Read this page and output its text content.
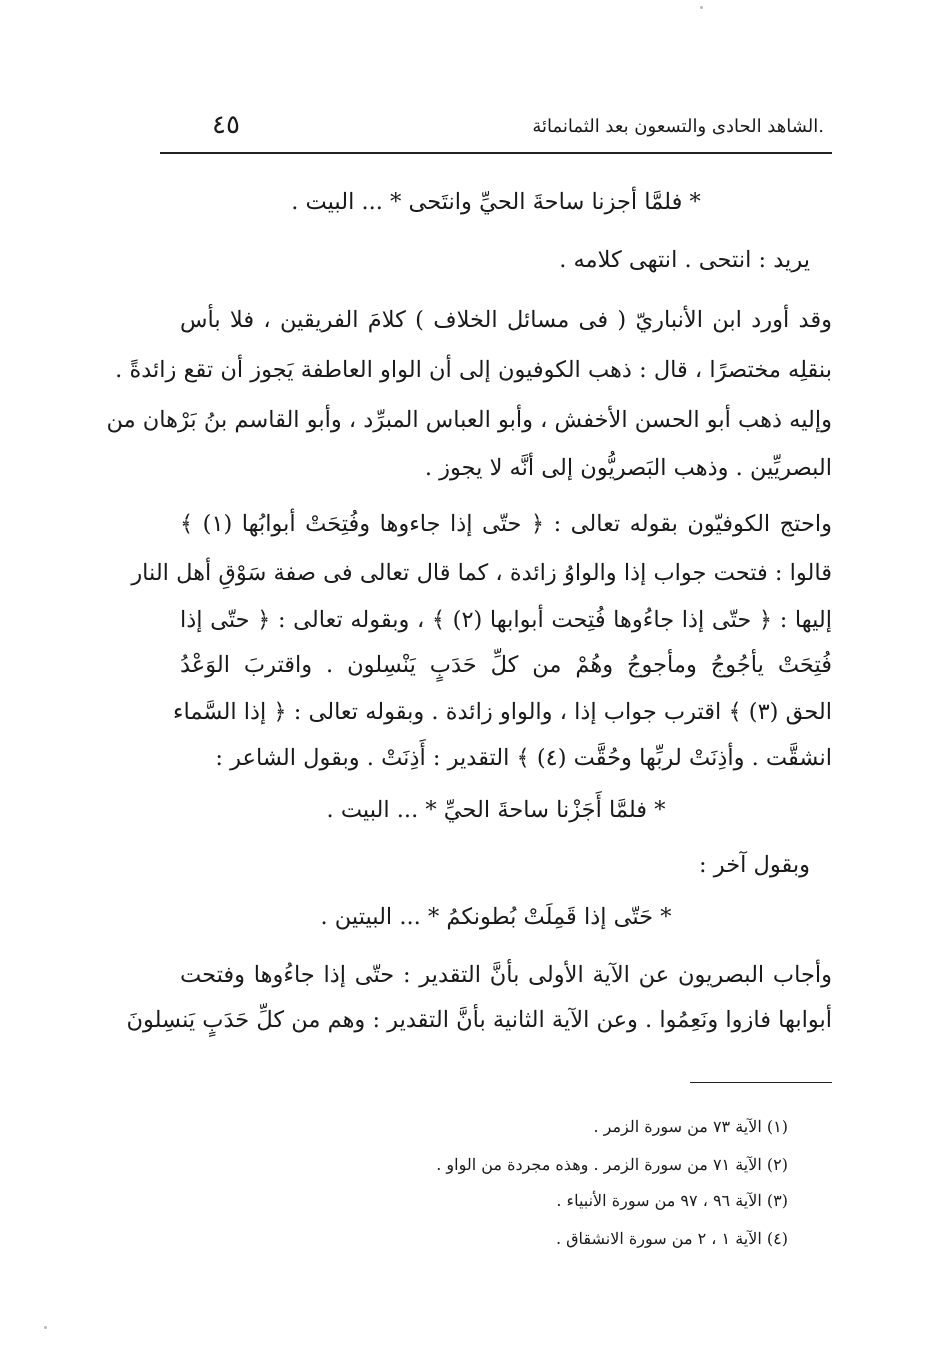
.الشاهد الحادى والتسعون بعد الثمانمائة
٤٥
* فلمَّا أجزنا ساحةَ الحيِّ وانتَحى * ... البيت .
يريد : انتحى . انتهى كلامه .
وقد أورد ابن الأنباريّ ( فى مسائل الخلاف ) كلامَ الفريقين ، فلا بأس
بنقلِه مختصرًا ، قال : ذهب الكوفيون إلى أن الواو العاطفة يَجوز أن تقع زائدةً .
وإليه ذهب أبو الحسن الأخفش ، وأبو العباس المبرِّد ، وأبو القاسم بنُ بَرْهان من
البصريِّين . وذهب البَصريُّون إلى أنَّه لا يجوز .
واحتج الكوفيّون بقوله تعالى : ﴿ حتّى إذا جاءوها وفُتِحَتْ أبوابُها (١) ﴾
قالوا : فتحت جواب إذا والواوُ زائدة ، كما قال تعالى فى صفة سَوْقِ أهل النار
إليها : ﴿ حتّى إذا جاءُوها فُتِحت أبوابها (٢) ﴾ ، وبقوله تعالى : ﴿ حتّى إذا
فُتِحَتْ يأجُوجُ ومأجوجُ وهُمْ من كلِّ حَدَبٍ يَنْسِلون . واقتربَ الوَعْدُ
الحق (٣) ﴾ اقترب جواب إذا ، والواو زائدة . وبقوله تعالى : ﴿ إذا السَّماء
انشقَّت . وأذِنَتْ لربِّها وحُقَّت (٤) ﴾ التقدير : أَذِنَتْ . وبقول الشاعر :
* فلمَّا أَجَزْنا ساحةَ الحيِّ * ... البيت .
وبقول آخر :
* حَتّى إذا قَمِلَتْ بُطونكمُ * ... البيتين .
وأجاب البصريون عن الآية الأولى بأنَّ التقدير : حتّى إذا جاءُوها وفتحت
أبوابها فازوا ونَعِمُوا . وعن الآية الثانية بأنَّ التقدير : وهم من كلِّ حَدَبٍ يَنسِلونَ
(١) الآية ٧٣ من سورة الزمر .
(٢) الآية ٧١ من سورة الزمر . وهذه مجردة من الواو .
(٣) الآية ٩٦ ، ٩٧ من سورة الأنبياء .
(٤) الآية ١ ، ٢ من سورة الانشقاق .
